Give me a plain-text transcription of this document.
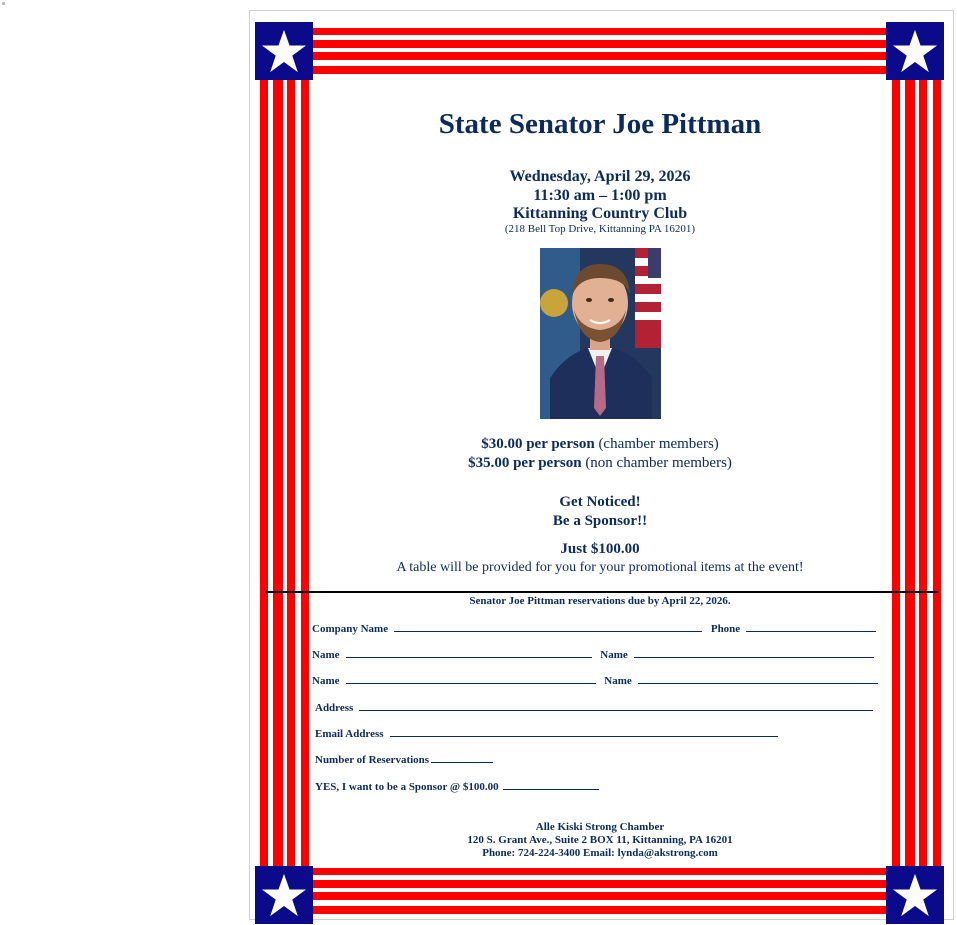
State Senator Joe Pittman
Wednesday, April 29, 2026
11:30 am – 1:00 pm
Kittanning Country Club
(218 Bell Top Drive, Kittanning PA 16201)
$30.00 per person (chamber members)
$35.00 per person (non chamber members)
Get Noticed!
Be a Sponsor!!
Just $100.00
A table will be provided for you for your promotional items at the event!
Senator Joe Pittman reservations due by April 22, 2026.
Company Name	Phone
Name	Name
Name	Name
Address
Email Address
Number of Reservations
YES, I want to be a Sponsor @ $100.00
Alle Kiski Strong Chamber
120 S. Grant Ave., Suite 2 BOX 11, Kittanning, PA 16201
Phone: 724-224-3400 Email: lynda@akstrong.com
